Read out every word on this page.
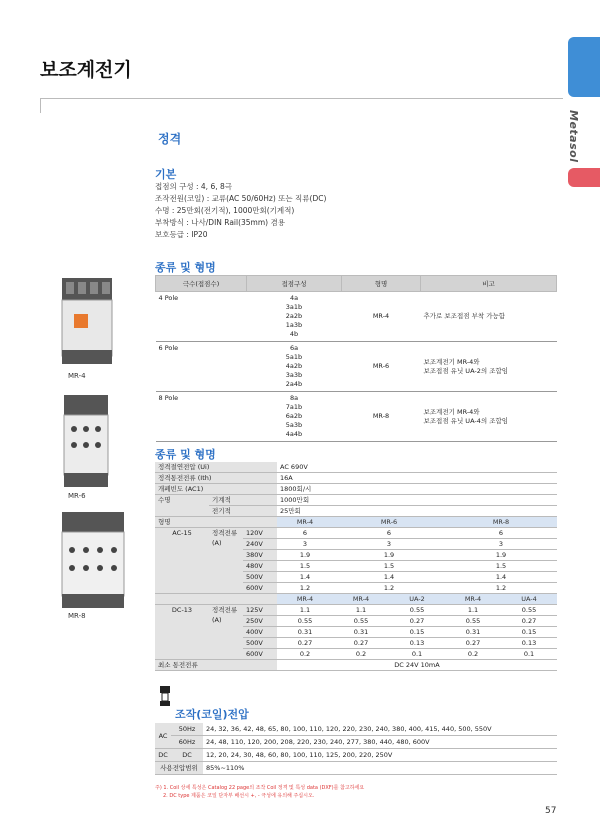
보조계전기
Metasol
정격
기본
접점의 구성 : 4, 6, 8극
조작전원(코일) : 교류(AC 50/60Hz) 또는 직류(DC)
수명 : 25만회(전기적), 1000만회(기계적)
부착방식 : 나사/DIN Rail(35mm) 겸용
보호등급 : IP20
MR-4
MR-6
MR-8
종류 및 형명
극수(접점수)	접점구성	형명	비고
4 Pole	4a
3a1b
2a2b
1a3b
4b	MR-4	추가로 보조접점 부착 가능함
6 Pole	6a
5a1b
4a2b
3a3b
2a4b	MR-6	보조계전기 MR-4와
보조접점 유닛 UA-2의 조합임
8 Pole	8a
7a1b
6a2b
5a3b
4a4b	MR-8	보조계전기 MR-4와
보조접점 유닛 UA-4의 조합임
종류 및 형명
정격절연전압 (Ui)			AC 690V				
정격통전전류 (Ith)			16A				
개폐빈도 (AC1)			1800회/시				
수명	기계적		1000만회				
	전기적		25만회				
형명			MR-4	MR-6		MR-8	
AC-15	정격전류
(A)	120V	6	6		6	
		240V	3	3		3	
		380V	1.9	1.9		1.9	
		480V	1.5	1.5		1.5	
		500V	1.4	1.4		1.4	
		600V	1.2	1.2		1.2	
			MR-4	MR-4	UA-2	MR-4	UA-4
DC-13	정격전류
(A)	125V	1.1	1.1	0.55	1.1	0.55
		250V	0.55	0.55	0.27	0.55	0.27
		400V	0.31	0.31	0.15	0.31	0.15
		500V	0.27	0.27	0.13	0.27	0.13
		600V	0.2	0.2	0.1	0.2	0.1
최소 통전전류			DC 24V 10mA				
조작(코일)전압
AC	50Hz	24, 32, 36, 42, 48, 65, 80, 100, 110, 120, 220, 230, 240, 380, 400, 415, 440, 500, 550V
	60Hz	24, 48, 110, 120, 200, 208, 220, 230, 240, 277, 380, 440, 480, 600V
DC	DC	12, 20, 24, 30, 48, 60, 80, 100, 110, 125, 200, 220, 250V
사용전압범위		85%~110%
주) 1. Coil 상세 특성은 Catalog 22 page의 조작 Coil 정격 및 특성 data (DXF)를 참고하세요
2. DC type 제품은 코일 단자부 배선시 +, - 극성에 유의해 주십시오.
57
